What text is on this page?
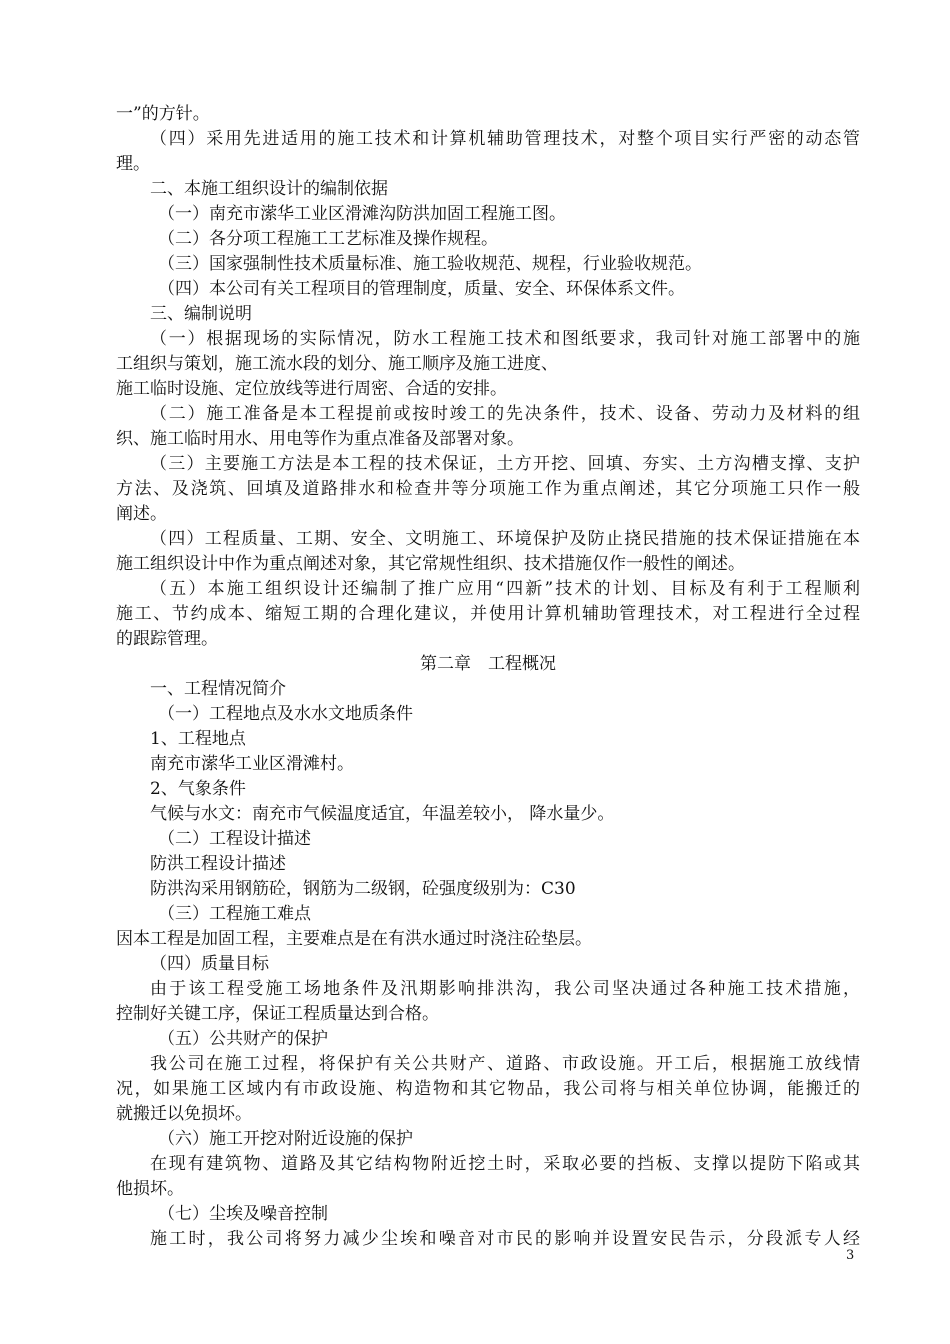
一”的方针。
（四）采用先进适用的施工技术和计算机辅助管理技术，对整个项目实行严密的动态管
理。
二、本施工组织设计的编制依据
（一）南充市潆华工业区滑滩沟防洪加固工程施工图。
（二）各分项工程施工工艺标准及操作规程。
（三）国家强制性技术质量标准、施工验收规范、规程，行业验收规范。
（四）本公司有关工程项目的管理制度，质量、安全、环保体系文件。
三、编制说明
（一）根据现场的实际情况，防水工程施工技术和图纸要求，我司针对施工部署中的施
工组织与策划，施工流水段的划分、施工顺序及施工进度、
施工临时设施、定位放线等进行周密、合适的安排。
（二）施工准备是本工程提前或按时竣工的先决条件，技术、设备、劳动力及材料的组
织、施工临时用水、用电等作为重点准备及部署对象。
（三）主要施工方法是本工程的技术保证，土方开挖、回填、夯实、土方沟槽支撑、支护
方法、及浇筑、回填及道路排水和检查井等分项施工作为重点阐述，其它分项施工只作一般
阐述。
（四）工程质量、工期、安全、文明施工、环境保护及防止挠民措施的技术保证措施在本
施工组织设计中作为重点阐述对象，其它常规性组织、技术措施仅作一般性的阐述。
（五）本施工组织设计还编制了推广应用“四新”技术的计划、目标及有利于工程顺利
施工、节约成本、缩短工期的合理化建议，并使用计算机辅助管理技术，对工程进行全过程
的跟踪管理。
第二章　工程概况
一、工程情况简介
（一）工程地点及水水文地质条件
1、工程地点
南充市潆华工业区滑滩村。
2、气象条件
气候与水文：南充市气候温度适宜，年温差较小， 降水量少。
（二）工程设计描述
防洪工程设计描述
防洪沟采用钢筋砼，钢筋为二级钢，砼强度级别为：C30
（三）工程施工难点
因本工程是加固工程，主要难点是在有洪水通过时浇注砼垫层。
（四）质量目标
由于该工程受施工场地条件及汛期影响排洪沟，我公司坚决通过各种施工技术措施，
控制好关键工序，保证工程质量达到合格。
（五）公共财产的保护
我公司在施工过程，将保护有关公共财产、道路、市政设施。开工后，根据施工放线情
况，如果施工区域内有市政设施、构造物和其它物品，我公司将与相关单位协调，能搬迁的
就搬迁以免损坏。
（六）施工开挖对附近设施的保护
在现有建筑物、道路及其它结构物附近挖土时，采取必要的挡板、支撑以提防下陷或其
他损坏。
（七）尘埃及噪音控制
施工时，我公司将努力减少尘埃和噪音对市民的影响并设置安民告示，分段派专人经
3
